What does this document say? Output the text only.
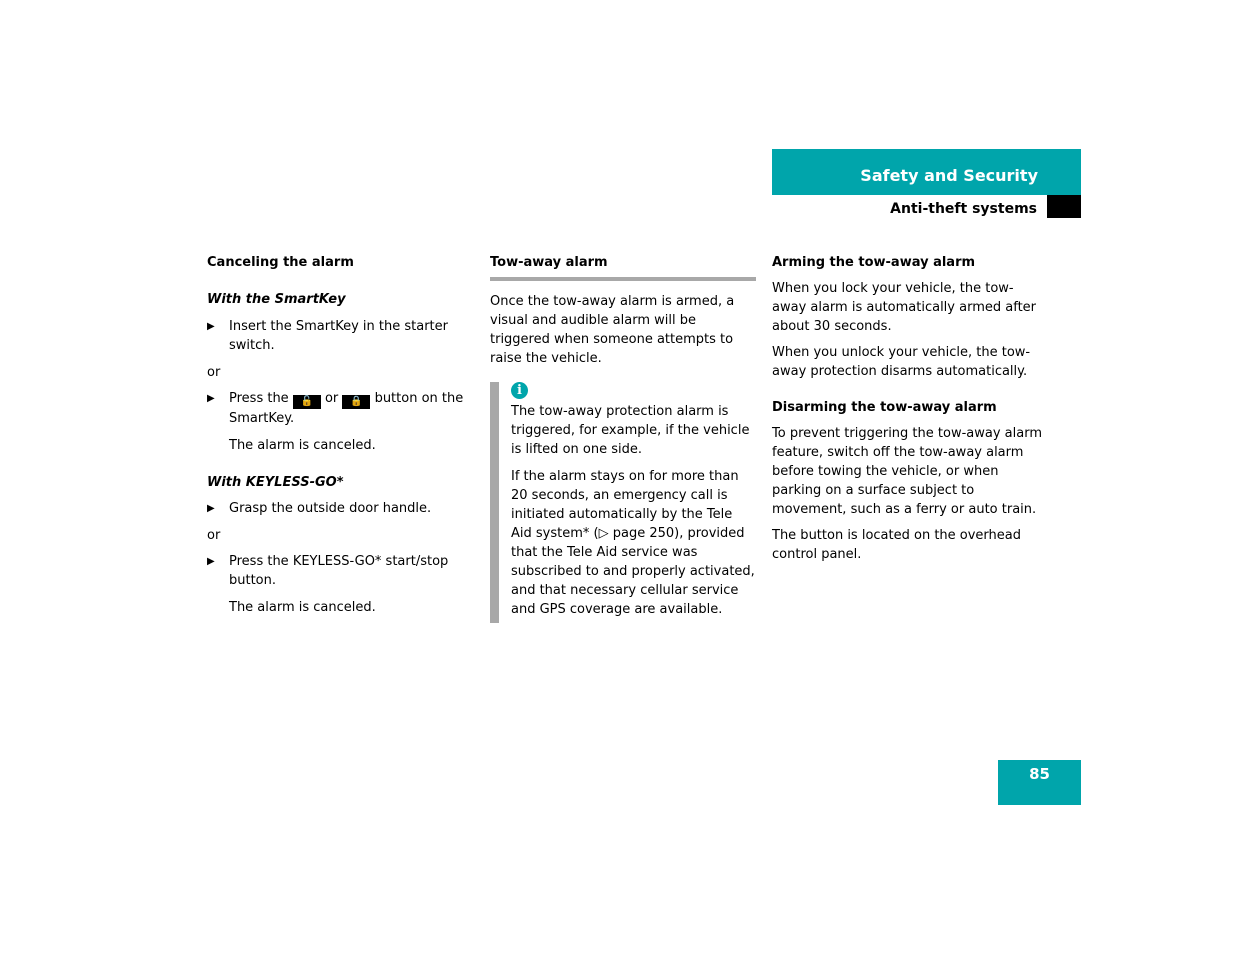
Safety and Security
Anti-theft systems

Canceling the alarm

With the SmartKey

▶ Insert the SmartKey in the starter switch.

or

▶ Press the 🔓 or 🔒 button on the SmartKey.

The alarm is canceled.

With KEYLESS-GO*

▶ Grasp the outside door handle.

or

▶ Press the KEYLESS-GO* start/stop button.

The alarm is canceled.

Tow-away alarm

Once the tow-away alarm is armed, a visual and audible alarm will be triggered when someone attempts to raise the vehicle.

i

The tow-away protection alarm is triggered, for example, if the vehicle is lifted on one side.

If the alarm stays on for more than 20 seconds, an emergency call is initiated automatically by the Tele Aid system* (▷ page 250), provided that the Tele Aid service was subscribed to and properly activated, and that necessary cellular service and GPS coverage are available.

Arming the tow-away alarm

When you lock your vehicle, the tow-away alarm is automatically armed after about 30 seconds.

When you unlock your vehicle, the tow-away protection disarms automatically.

Disarming the tow-away alarm

To prevent triggering the tow-away alarm feature, switch off the tow-away alarm before towing the vehicle, or when parking on a surface subject to movement, such as a ferry or auto train.

The button is located on the overhead control panel.

85
